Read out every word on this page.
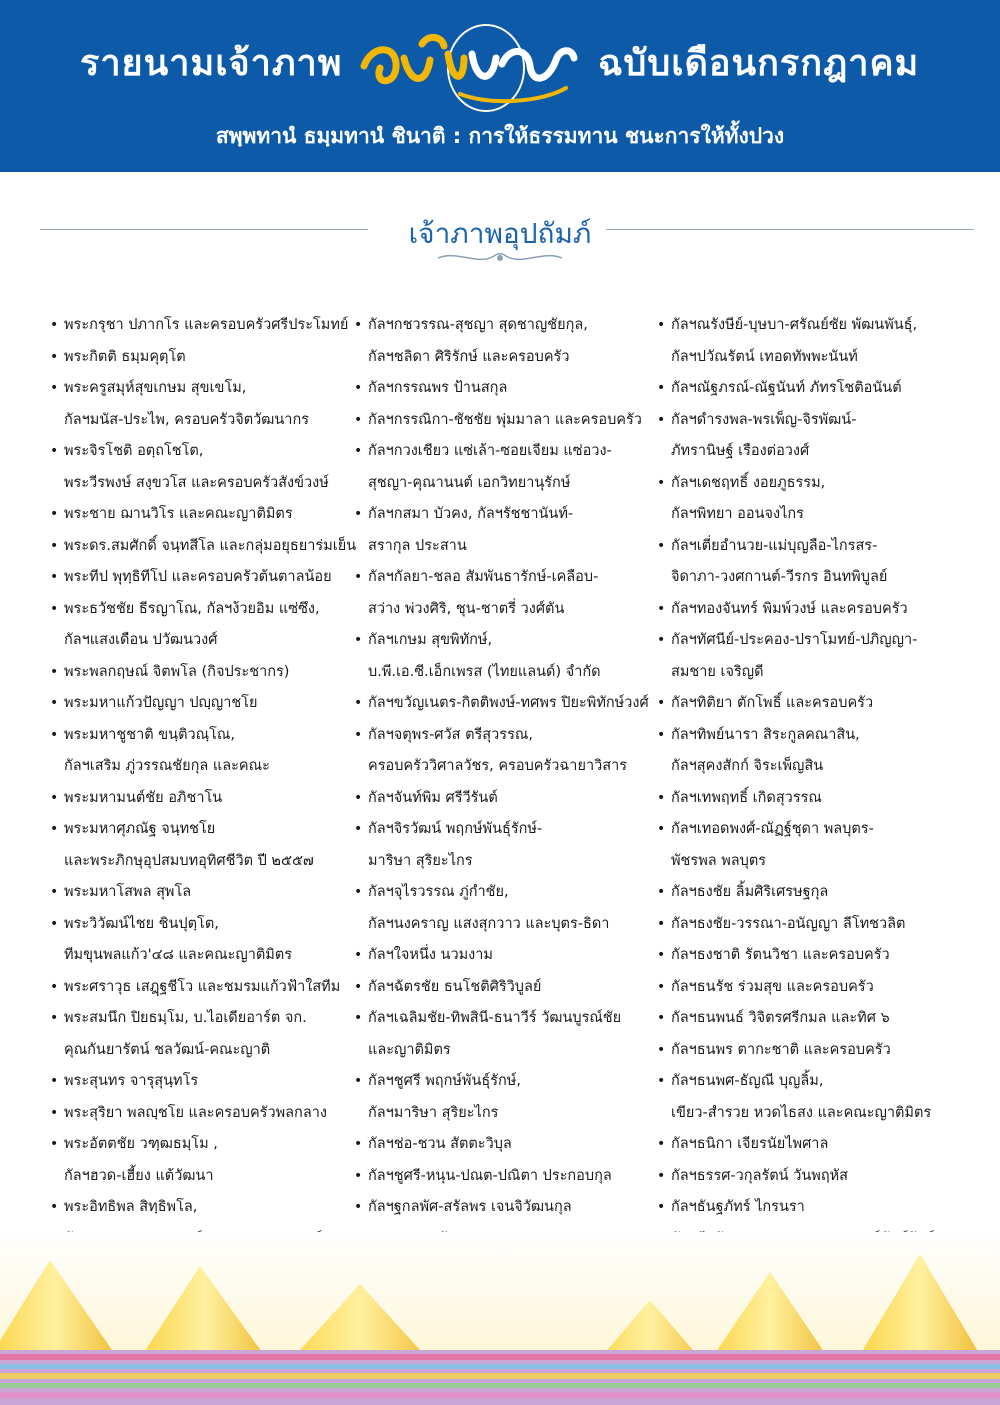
รายนามเจ้าภาพ	ฉบับเดือนกรกฎาคม
สพฺพทานํ ธมฺมทานํ ชินาติ : การให้ธรรมทาน ชนะการให้ทั้งปวง
เจ้าภาพอุปถัมภ์
• พระกรุชา ปภากโร และครอบครัวศรีประโมทย์
• พระกิตติ ธมฺมคุตฺโต
• พระครูสมุห์สุขเกษม สุขเขโม,
กัลฯมนัส-ประไพ, ครอบครัวจิตวัฒนากร
• พระจิรโชติ อตฺถโชโต,
พระวีรพงษ์ สงฺขวโส และครอบครัวสังข์วงษ์
• พระชาย ฌานวิโร และคณะญาติมิตร
• พระดร.สมศักดิ์ จนฺทสีโล และกลุ่มอยุธยาร่มเย็น
• พระทีป พุทฺธิทีโป และครอบครัวต้นตาลน้อย
• พระธวัชชัย ธีรญาโณ, กัลฯง้วยอิม แซ่ซึง,
กัลฯแสงเดือน ปวัฒนวงศ์
• พระพลกฤษณ์ จิตพโล (กิจประชากร)
• พระมหาแก้วปัญญา ปญฺญาชโย
• พระมหาชูชาติ ขนฺติวณฺโณ,
กัลฯเสริม ภู่วรรณชัยกุล และคณะ
• พระมหามนต์ชัย อภิชาโน
• พระมหาศุภณัฐ จนฺทชโย
และพระภิกษุอุปสมบทอุทิศชีวิต ปี ๒๕๕๗
• พระมหาโสพล สุพโล
• พระวิวัฒน์ไชย ชินปุตฺโต,
ทีมขุนพลแก้ว'๔๘ และคณะญาติมิตร
• พระศราวุธ เสฎฺฐชีโว และชมรมแก้วฟ้าใสทีม
• พระสมนึก ปิยธมฺโม, บ.ไอเดียอาร์ต จก.
คุณกันยารัตน์ ชลวัฒน์-คณะญาติ
• พระสุนทร จารุสุนฺทโร
• พระสุริยา พลญฺชโย และครอบครัวพลกลาง
• พระอัตตชัย วฑฺฒธมฺโม ,
กัลฯฮวด-เฮี้ยง แต้วัฒนา
• พระอิทธิพล สิทฺธิพโล,
• กัลฯกชวรรณ-สุชญา สุดชาญชัยกุล,
กัลฯชลิดา ศิริรักษ์ และครอบครัว
• กัลฯกรรณพร ป้านสกุล
• กัลฯกรรณิกา-ชัชชัย พุ่มมาลา และครอบครัว
• กัลฯกวงเชียว แซ่เล้า-ซอยเจียม แซ่อวง-
สุชญา-คุณานนต์ เอกวิทยานุรักษ์
• กัลฯกสมา บัวคง, กัลฯรัชชานันท์-
สรากุล ประสาน
• กัลฯกัลยา-ชลอ สัมพันธารักษ์-เคลือบ-
สว่าง พ่วงศิริ, ชุน-ชาตรี่ วงศ์ตัน
• กัลฯเกษม สุขพิทักษ์,
บ.พี.เอ.ซี.เอ็กเพรส (ไทยแลนด์) จำกัด
• กัลฯขวัญเนตร-กิตติพงษ์-ทศพร ปิยะพิทักษ์วงศ์
• กัลฯจตุพร-ศวัส ตรีสุวรรณ,
ครอบครัววิศาลวัชร, ครอบครัวฉายาวิสาร
• กัลฯจันท์พิม ศรีวีรันต์
• กัลฯจิรวัฒน์ พฤกษ์พันธุ์รักษ์-
มาริษา สุริยะไกร
• กัลฯจุไรวรรณ ภู่กำชัย,
กัลฯนงคราญ แสงสุกวาว และบุตร-ธิดา
• กัลฯใจหนึ่ง นวมงาม
• กัลฯฉัตรชัย ธนโชติศิริวิบูลย์
• กัลฯเฉลิมชัย-ทิพสินี-ธนาวีร์ วัฒนบูรณ์ชัย
และญาติมิตร
• กัลฯชูศรี พฤกษ์พันธุ์รักษ์,
กัลฯมาริษา สุริยะไกร
• กัลฯช่อ-ชวน สัตตะวิบุล
• กัลฯชูศรี-หนุน-ปณต-ปณิตา ประกอบกุล
• กัลฯฐกลพัศ-สรัลพร เจนจิวัฒนกุล
• กัลฯณรังษีย์-บุษบา-ศรัณย์ชัย พัฒนพันธุ์,
กัลฯปวัณรัตน์ เทอดทัพพะนันท์
• กัลฯณัฐภรณ์-ณัฐนันท์ ภัทรโชติอนันต์
• กัลฯดำรงพล-พรเพ็ญ-จิรพัฒน์-
ภัทรานิษฐ์ เรืองต่อวงศ์
• กัลฯเดชฤทธิ์ งอยภูธรรม,
กัลฯพิทยา ออนจงไกร
• กัลฯเตี่ยอำนวย-แม่บุญลือ-ไกรสร-
จิดาภา-วงศกานต์-วีรกร อินทพิบูลย์
• กัลฯทองจันทร์ พิมพ์วงษ์ และครอบครัว
• กัลฯทัศนีย์-ประคอง-ปราโมทย์-ปภิญญา-
สมชาย เจริญดี
• กัลฯทิติยา ตักโพธิ์ และครอบครัว
• กัลฯทิพย์นารา สิระกูลคณาสิน,
กัลฯสุคงสักก์ จิระเพ็ญสิน
• กัลฯเทพฤทธิ์ เกิดสุวรรณ
• กัลฯเทอดพงศ์-ณัฏฐ์ชุดา พลบุตร-
พัชรพล พลบุตร
• กัลฯธงชัย ลิ้มศิริเศรษฐกุล
• กัลฯธงชัย-วรรณา-อนัญญา ลีโทชวลิต
• กัลฯธงชาติ รัตนวิชา และครอบครัว
• กัลฯธนรัช ร่วมสุข และครอบครัว
• กัลฯธนพนธ์ วิจิตรศรีกมล และทิศ ๖
• กัลฯธนพร ตากะชาติ และครอบครัว
• กัลฯธนพศ-ธัญณี บุญลิ้ม,
เขียว-สำรวย หวดไธสง และคณะญาติมิตร
• กัลฯธนิกา เจียรนัยไพศาล
• กัลฯธรรศ-วกุลรัตน์ วันพฤหัส
• กัลฯธันฐภัทร์ ไกรนรา
